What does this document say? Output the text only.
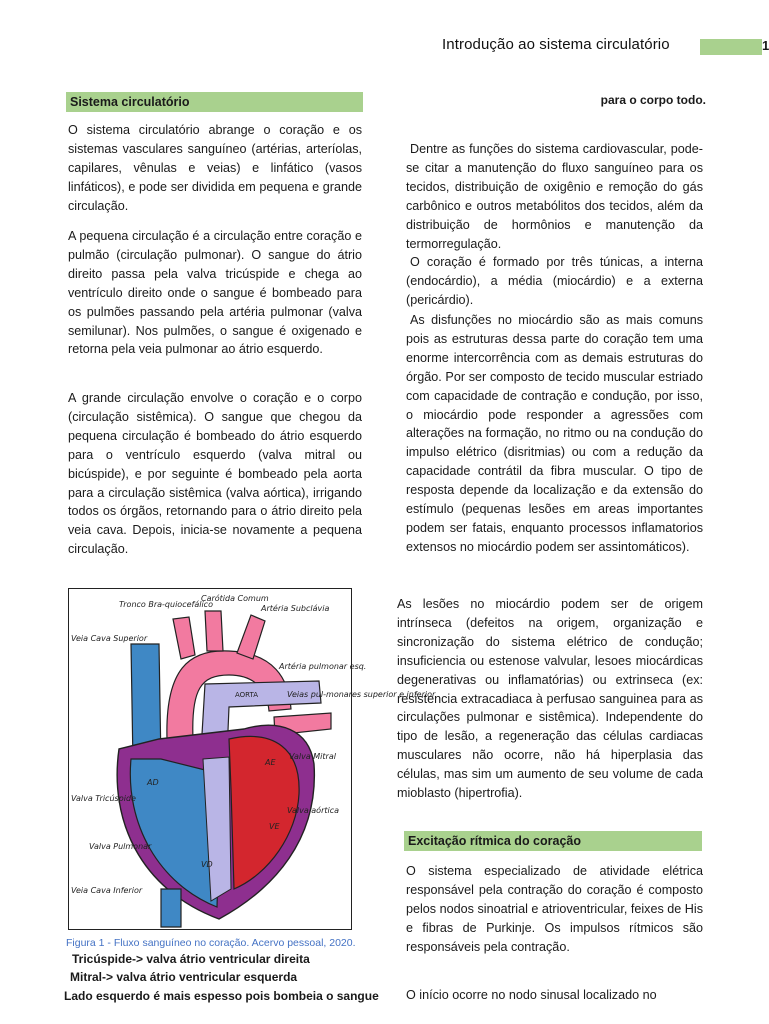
Introdução ao sistema circulatório	1
Sistema circulatório

O sistema circulatório abrange o coração e os sistemas vasculares sanguíneo (artérias, arteríolas, capilares, vênulas e veias) e linfático (vasos linfáticos), e pode ser dividida em pequena e grande circulação.

A pequena circulação é a circulação entre coração e pulmão (circulação pulmonar). O sangue do átrio direito passa pela valva tricúspide e chega ao ventrículo direito onde o sangue é bombeado para os pulmões passando pela artéria pulmonar (valva semilunar). Nos pulmões, o sangue é oxigenado e retorna pela veia pulmonar ao átrio esquerdo.

A grande circulação envolve o coração e o corpo (circulação sistêmica). O sangue que chegou da pequena circulação é bombeado do átrio esquerdo para o ventrículo esquerdo (valva mitral ou bicúspide), e por seguinte é bombeado pela aorta para a circulação sistêmica (valva aórtica), irrigando todos os órgãos, retornando para o átrio direito pela veia cava. Depois, inicia-se novamente a pequena circulação.

AD
AE
VD
VE
AORTA
Tronco Bra-quiocefálico
Carótida Comum
Artéria Subclávia
Veia Cava Superior
Artéria pulmonar esq.
Veias pul-monares superior e inferior
Valva Mitral
Valva Tricúspide
Valva aórtica
Valva Pulmonar
Veia Cava Inferior
Figura 1 - Fluxo sanguíneo no coração. Acervo pessoal, 2020.
Tricúspide-> valva átrio ventricular direita
Mitral-> valva átrio ventricular esquerda
Lado esquerdo é mais espesso pois bombeia o sangue
para o corpo todo.

Dentre as funções do sistema cardiovascular, pode-se citar a manutenção do fluxo sanguíneo para os tecidos, distribuição de oxigênio e remoção do gás carbônico e outros metabólitos dos tecidos, além da distribuição de hormônios e manutenção da termorregulação.

O coração é formado por três túnicas, a interna (endocárdio), a média (miocárdio) e a externa (pericárdio).

As disfunções no miocárdio são as mais comuns pois as estruturas dessa parte do coração tem uma enorme intercorrência com as demais estruturas do órgão. Por ser composto de tecido muscular estriado com capacidade de contração e condução, por isso, o miocárdio pode responder a agressões com alterações na formação, no ritmo ou na condução do impulso elétrico (disritmias) ou com a redução da capacidade contrátil da fibra muscular. O tipo de resposta depende da localização e da extensão do estímulo (pequenas lesões em areas importantes podem ser fatais, enquanto processos inflamatorios extensos no miocárdio podem ser assintomáticos).

As lesões no miocárdio podem ser de origem intrínseca (defeitos na origem, organização e sincronização do sistema elétrico de condução; insuficiencia ou estenose valvular, lesoes miocárdicas degenerativas ou inflamatórias) ou extrinseca (ex: resistencia extracadiaca à perfusao sanguinea para as circulações pulmonar e sistêmica). Independente do tipo de lesão, a regeneração das células cardiacas musculares não ocorre, não há hiperplasia das células, mas sim um aumento de seu volume de cada mioblasto (hipertrofia).

Excitação rítmica do coração

O sistema especializado de atividade elétrica responsável pela contração do coração é composto pelos nodos sinoatrial e atrioventricular, feixes de His e fibras de Purkinje. Os impulsos rítmicos são responsáveis pela contração.

O início ocorre no nodo sinusal localizado no
